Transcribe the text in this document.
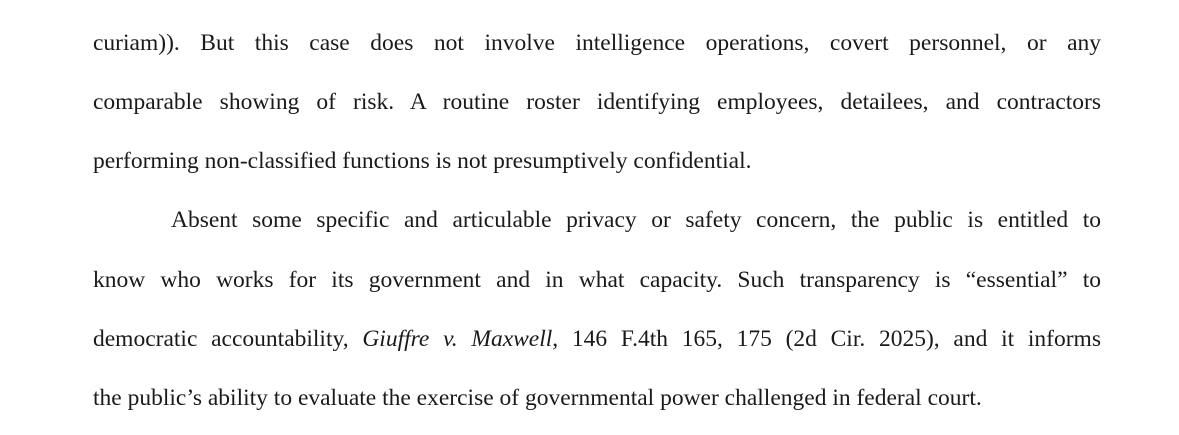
curiam)). But this case does not involve intelligence operations, covert personnel, or any
comparable showing of risk. A routine roster identifying employees, detailees, and contractors
performing non-classified functions is not presumptively confidential.
Absent some specific and articulable privacy or safety concern, the public is entitled to
know who works for its government and in what capacity. Such transparency is “essential” to
democratic accountability, Giuffre v. Maxwell, 146 F.4th 165, 175 (2d Cir. 2025), and it informs
the public’s ability to evaluate the exercise of governmental power challenged in federal court.
